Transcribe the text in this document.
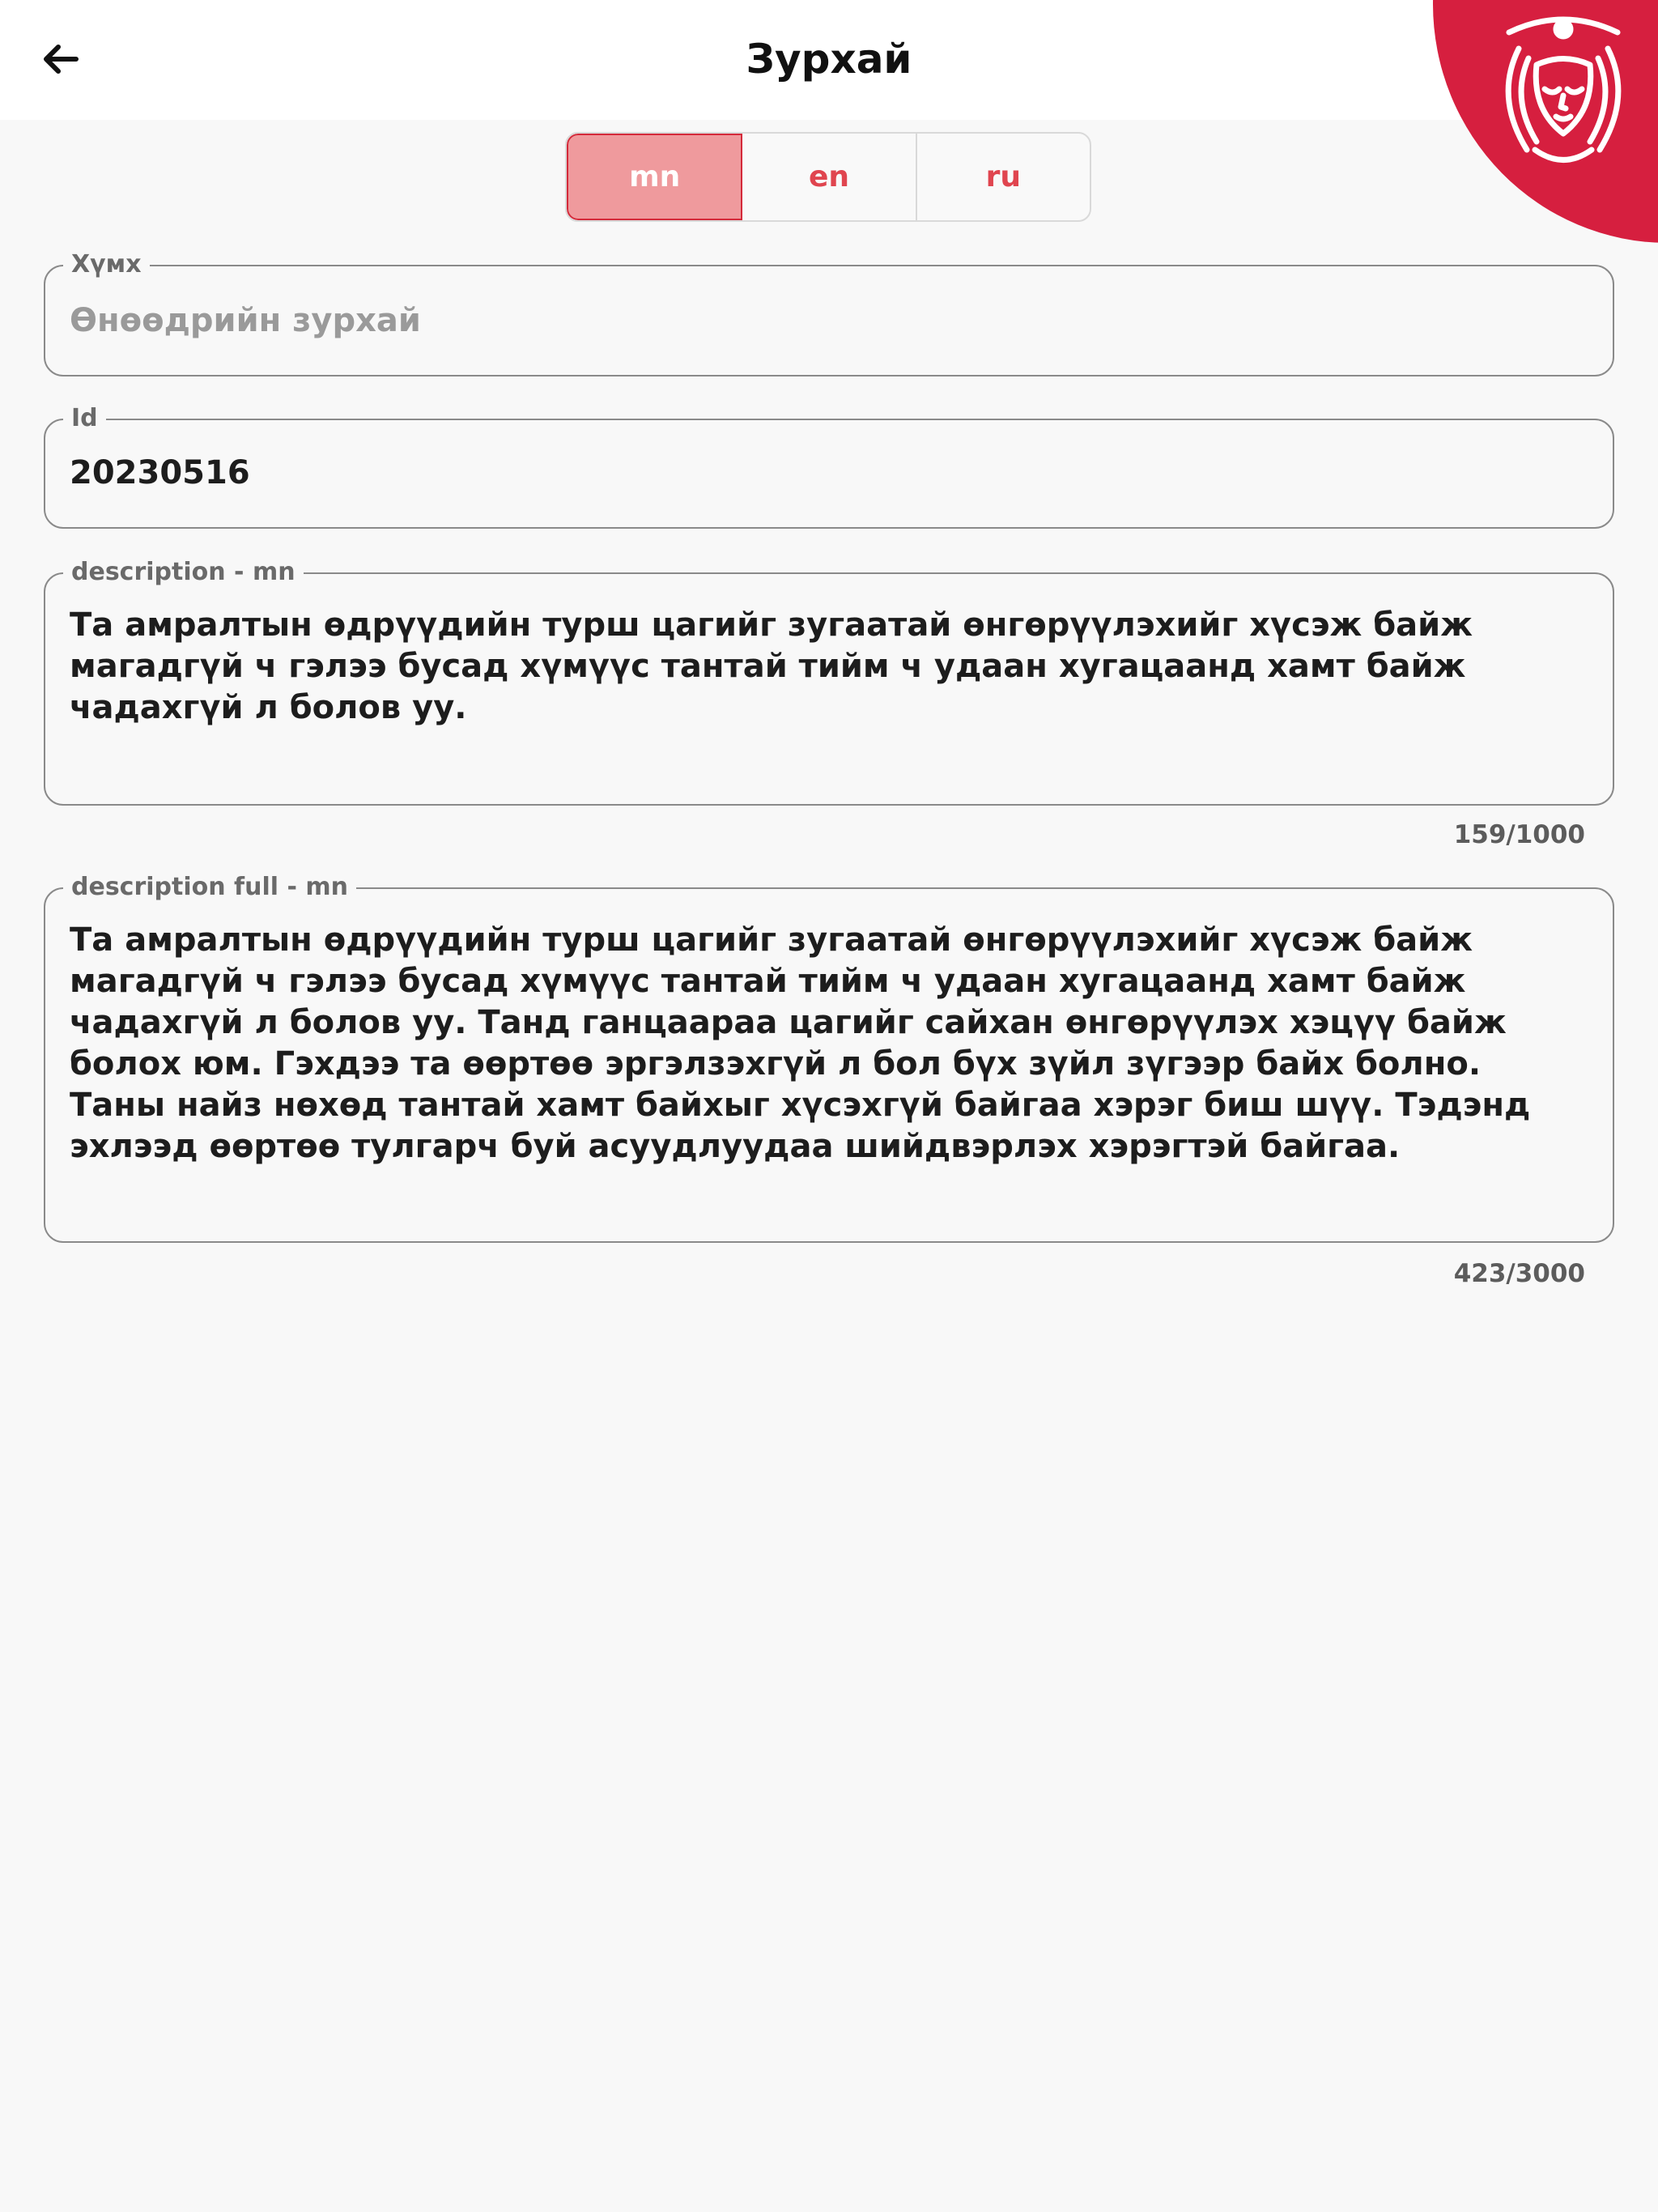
Зурхай
mn	en	ru
Хүмх
Өнөөдрийн зурхай
Id
20230516
description - mn
Та амралтын өдрүүдийн турш цагийг зугаатай өнгөрүүлэхийг хүсэж байж магадгүй ч гэлээ бусад хүмүүс тантай тийм ч удаан хугацаанд хамт байж чадахгүй л болов уу.
159/1000
description full - mn
Та амралтын өдрүүдийн турш цагийг зугаатай өнгөрүүлэхийг хүсэж байж магадгүй ч гэлээ бусад хүмүүс тантай тийм ч удаан хугацаанд хамт байж чадахгүй л болов уу. Танд ганцаараа цагийг сайхан өнгөрүүлэх хэцүү байж болох юм. Гэхдээ та өөртөө эргэлзэхгүй л бол бүх зүйл зүгээр байх болно. Таны найз нөхөд тантай хамт байхыг хүсэхгүй байгаа хэрэг биш шүү. Тэдэнд эхлээд өөртөө тулгарч буй асуудлуудаа шийдвэрлэх хэрэгтэй байгаа.
423/3000
